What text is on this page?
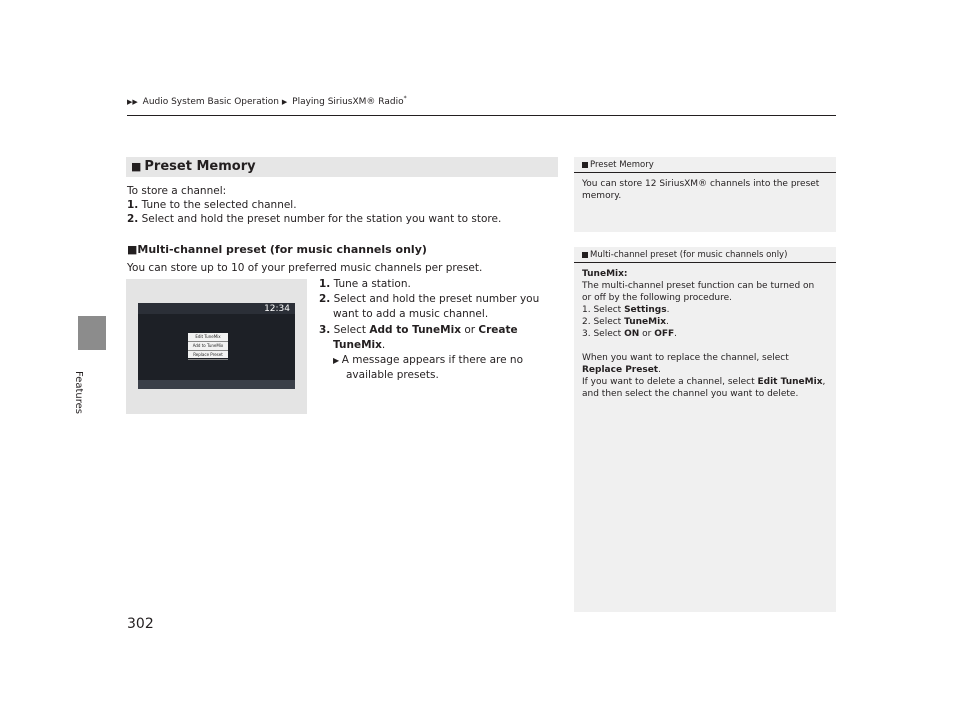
Features
▶▶ Audio System Basic Operation ▶ Playing SiriusXM® Radio*
■ Preset Memory
To store a channel:
1. Tune to the selected channel.
2. Select and hold the preset number for the station you want to store.
■Multi-channel preset (for music channels only)
You can store up to 10 of your preferred music channels per preset.
1. Tune a station.
2. Select and hold the preset number you
want to add a music channel.
3. Select Add to TuneMix or Create
TuneMix.
▶ A message appears if there are no
available presets.
12:34
Edit TuneMix
Add to TuneMix
Replace Preset
Preset Memory
You can store 12 SiriusXM® channels into the preset memory.
Multi-channel preset (for music channels only)
TuneMix:
The multi-channel preset function can be turned on
or off by the following procedure.
1. Select Settings.
2. Select TuneMix.
3. Select ON or OFF.
When you want to replace the channel, select
Replace Preset.
If you want to delete a channel, select Edit TuneMix,
and then select the channel you want to delete.
302
